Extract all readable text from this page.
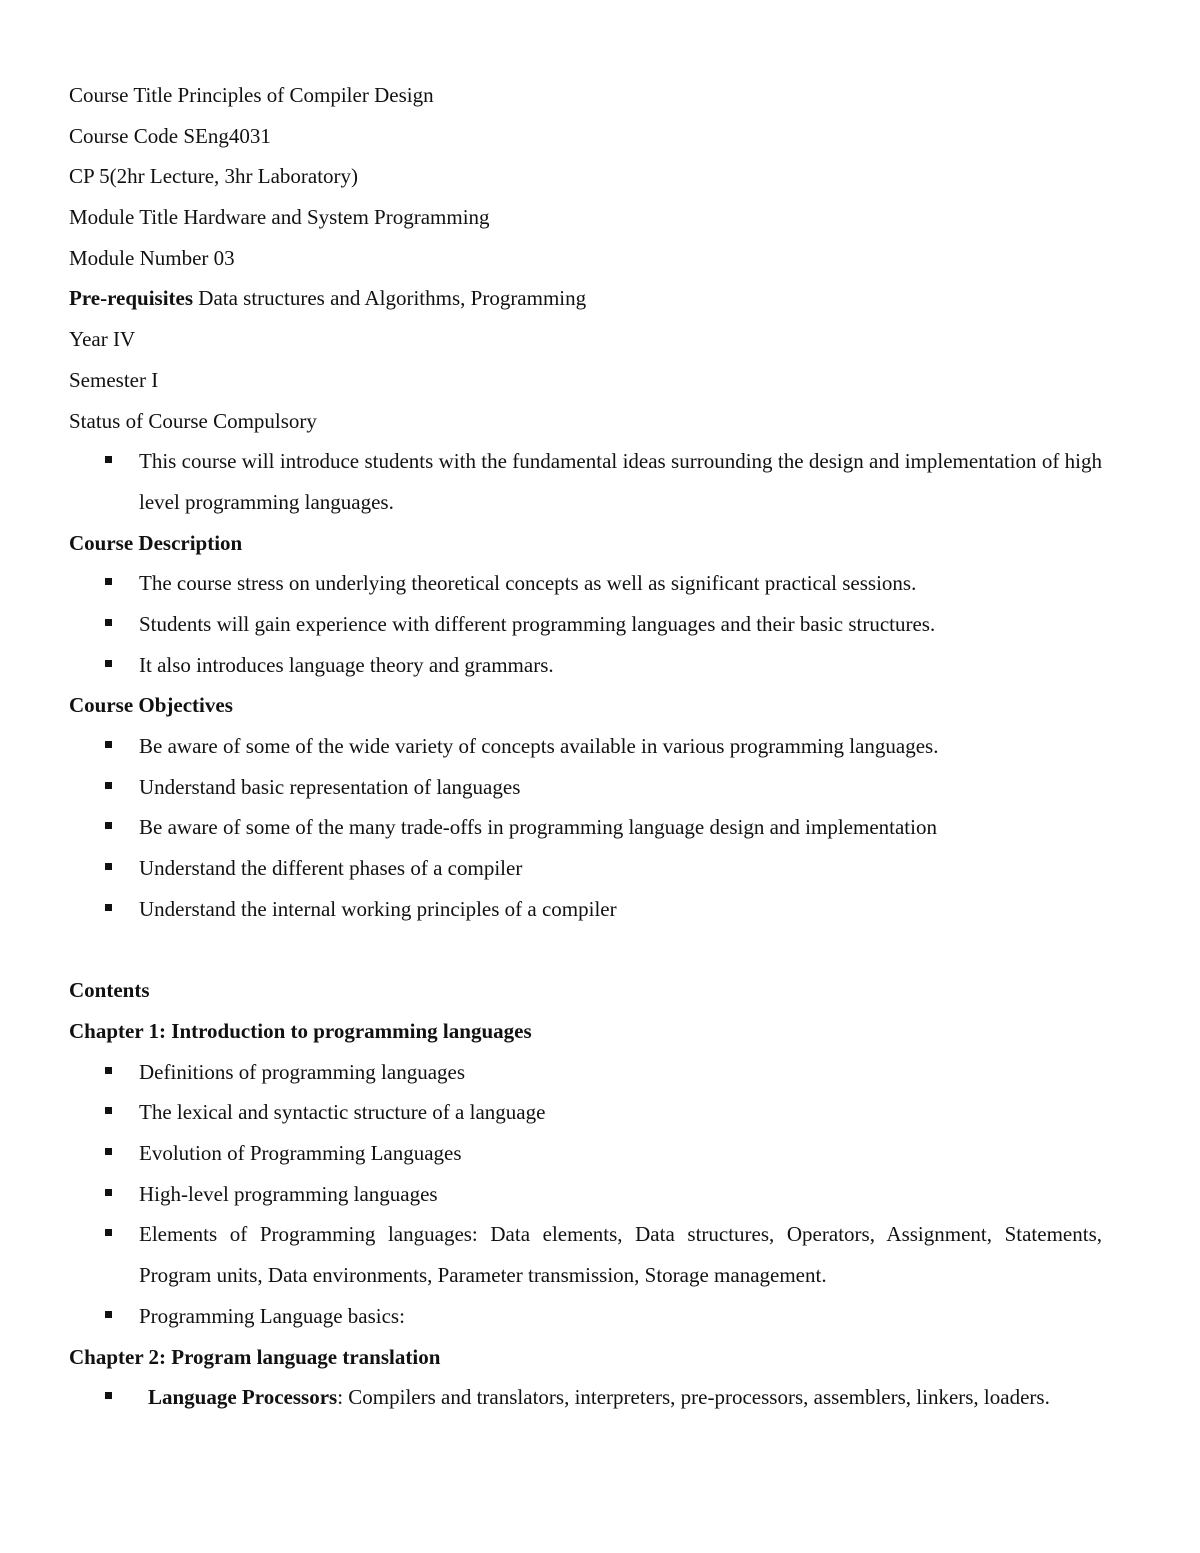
Course Title Principles of Compiler Design
Course Code SEng4031
CP 5(2hr Lecture, 3hr Laboratory)
Module Title Hardware and System Programming
Module Number 03
Pre-requisites Data structures and Algorithms, Programming
Year IV
Semester I
Status of Course Compulsory
This course will introduce students with the fundamental ideas surrounding the design and implementation of high level programming languages.
Course Description
The course stress on underlying theoretical concepts as well as significant practical sessions.
Students will gain experience with different programming languages and their basic structures.
It also introduces language theory and grammars.
Course Objectives
Be aware of some of the wide variety of concepts available in various programming languages.
Understand basic representation of languages
Be aware of some of the many trade-offs in programming language design and implementation
Understand the different phases of a compiler
Understand the internal working principles of a compiler
Contents
Chapter 1: Introduction to programming languages
Definitions of programming languages
The lexical and syntactic structure of a language
Evolution of Programming Languages
High-level programming languages
Elements of Programming languages: Data elements, Data structures, Operators, Assignment, Statements, Program units, Data environments, Parameter transmission, Storage management.
Programming Language basics:
Chapter 2: Program language translation
Language Processors: Compilers and translators, interpreters, pre-processors, assemblers, linkers, loaders.
